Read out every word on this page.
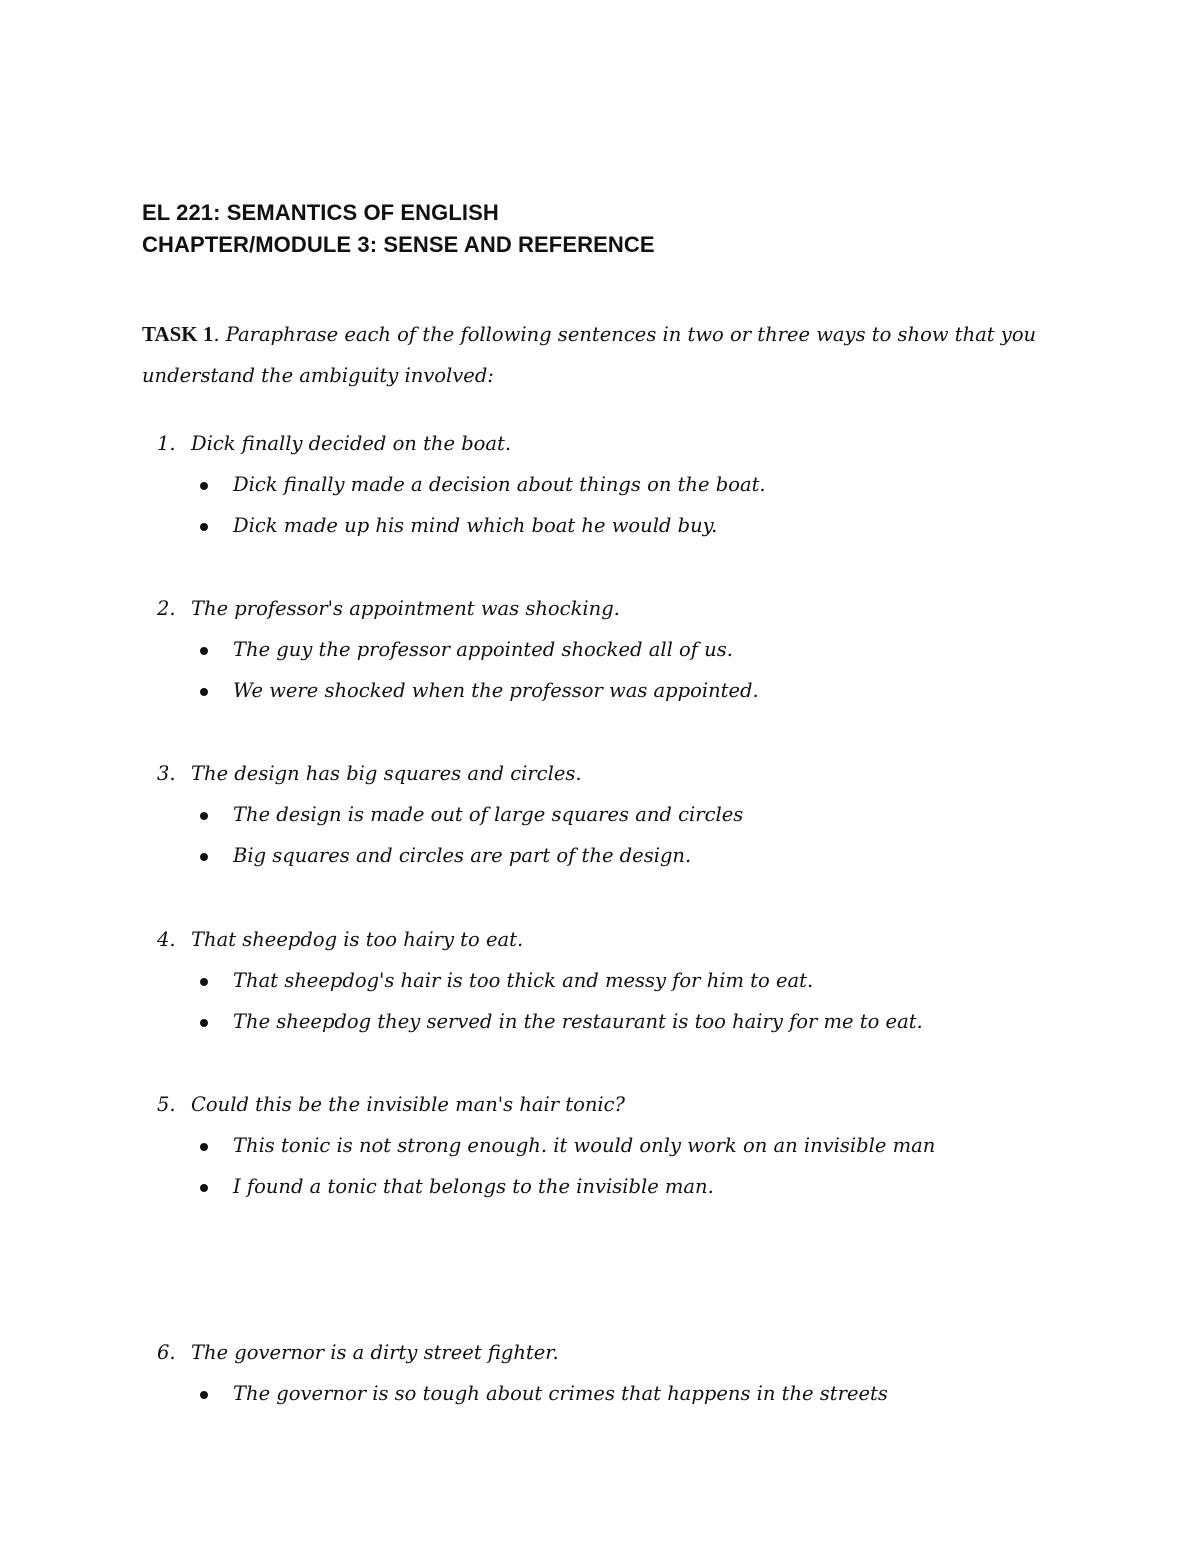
EL 221: SEMANTICS OF ENGLISH
CHAPTER/MODULE 3: SENSE AND REFERENCE
TASK 1. Paraphrase each of the following sentences in two or three ways to show that you
understand the ambiguity involved:
1. Dick finally decided on the boat.
Dick finally made a decision about things on the boat.
Dick made up his mind which boat he would buy.
2. The professor's appointment was shocking.
The guy the professor appointed shocked all of us.
We were shocked when the professor was appointed.
3. The design has big squares and circles.
The design is made out of large squares and circles
Big squares and circles are part of the design.
4. That sheepdog is too hairy to eat.
That sheepdog's hair is too thick and messy for him to eat.
The sheepdog they served in the restaurant is too hairy for me to eat.
5. Could this be the invisible man's hair tonic?
This tonic is not strong enough. it would only work on an invisible man
I found a tonic that belongs to the invisible man.
6. The governor is a dirty street fighter.
The governor is so tough about crimes that happens in the streets
